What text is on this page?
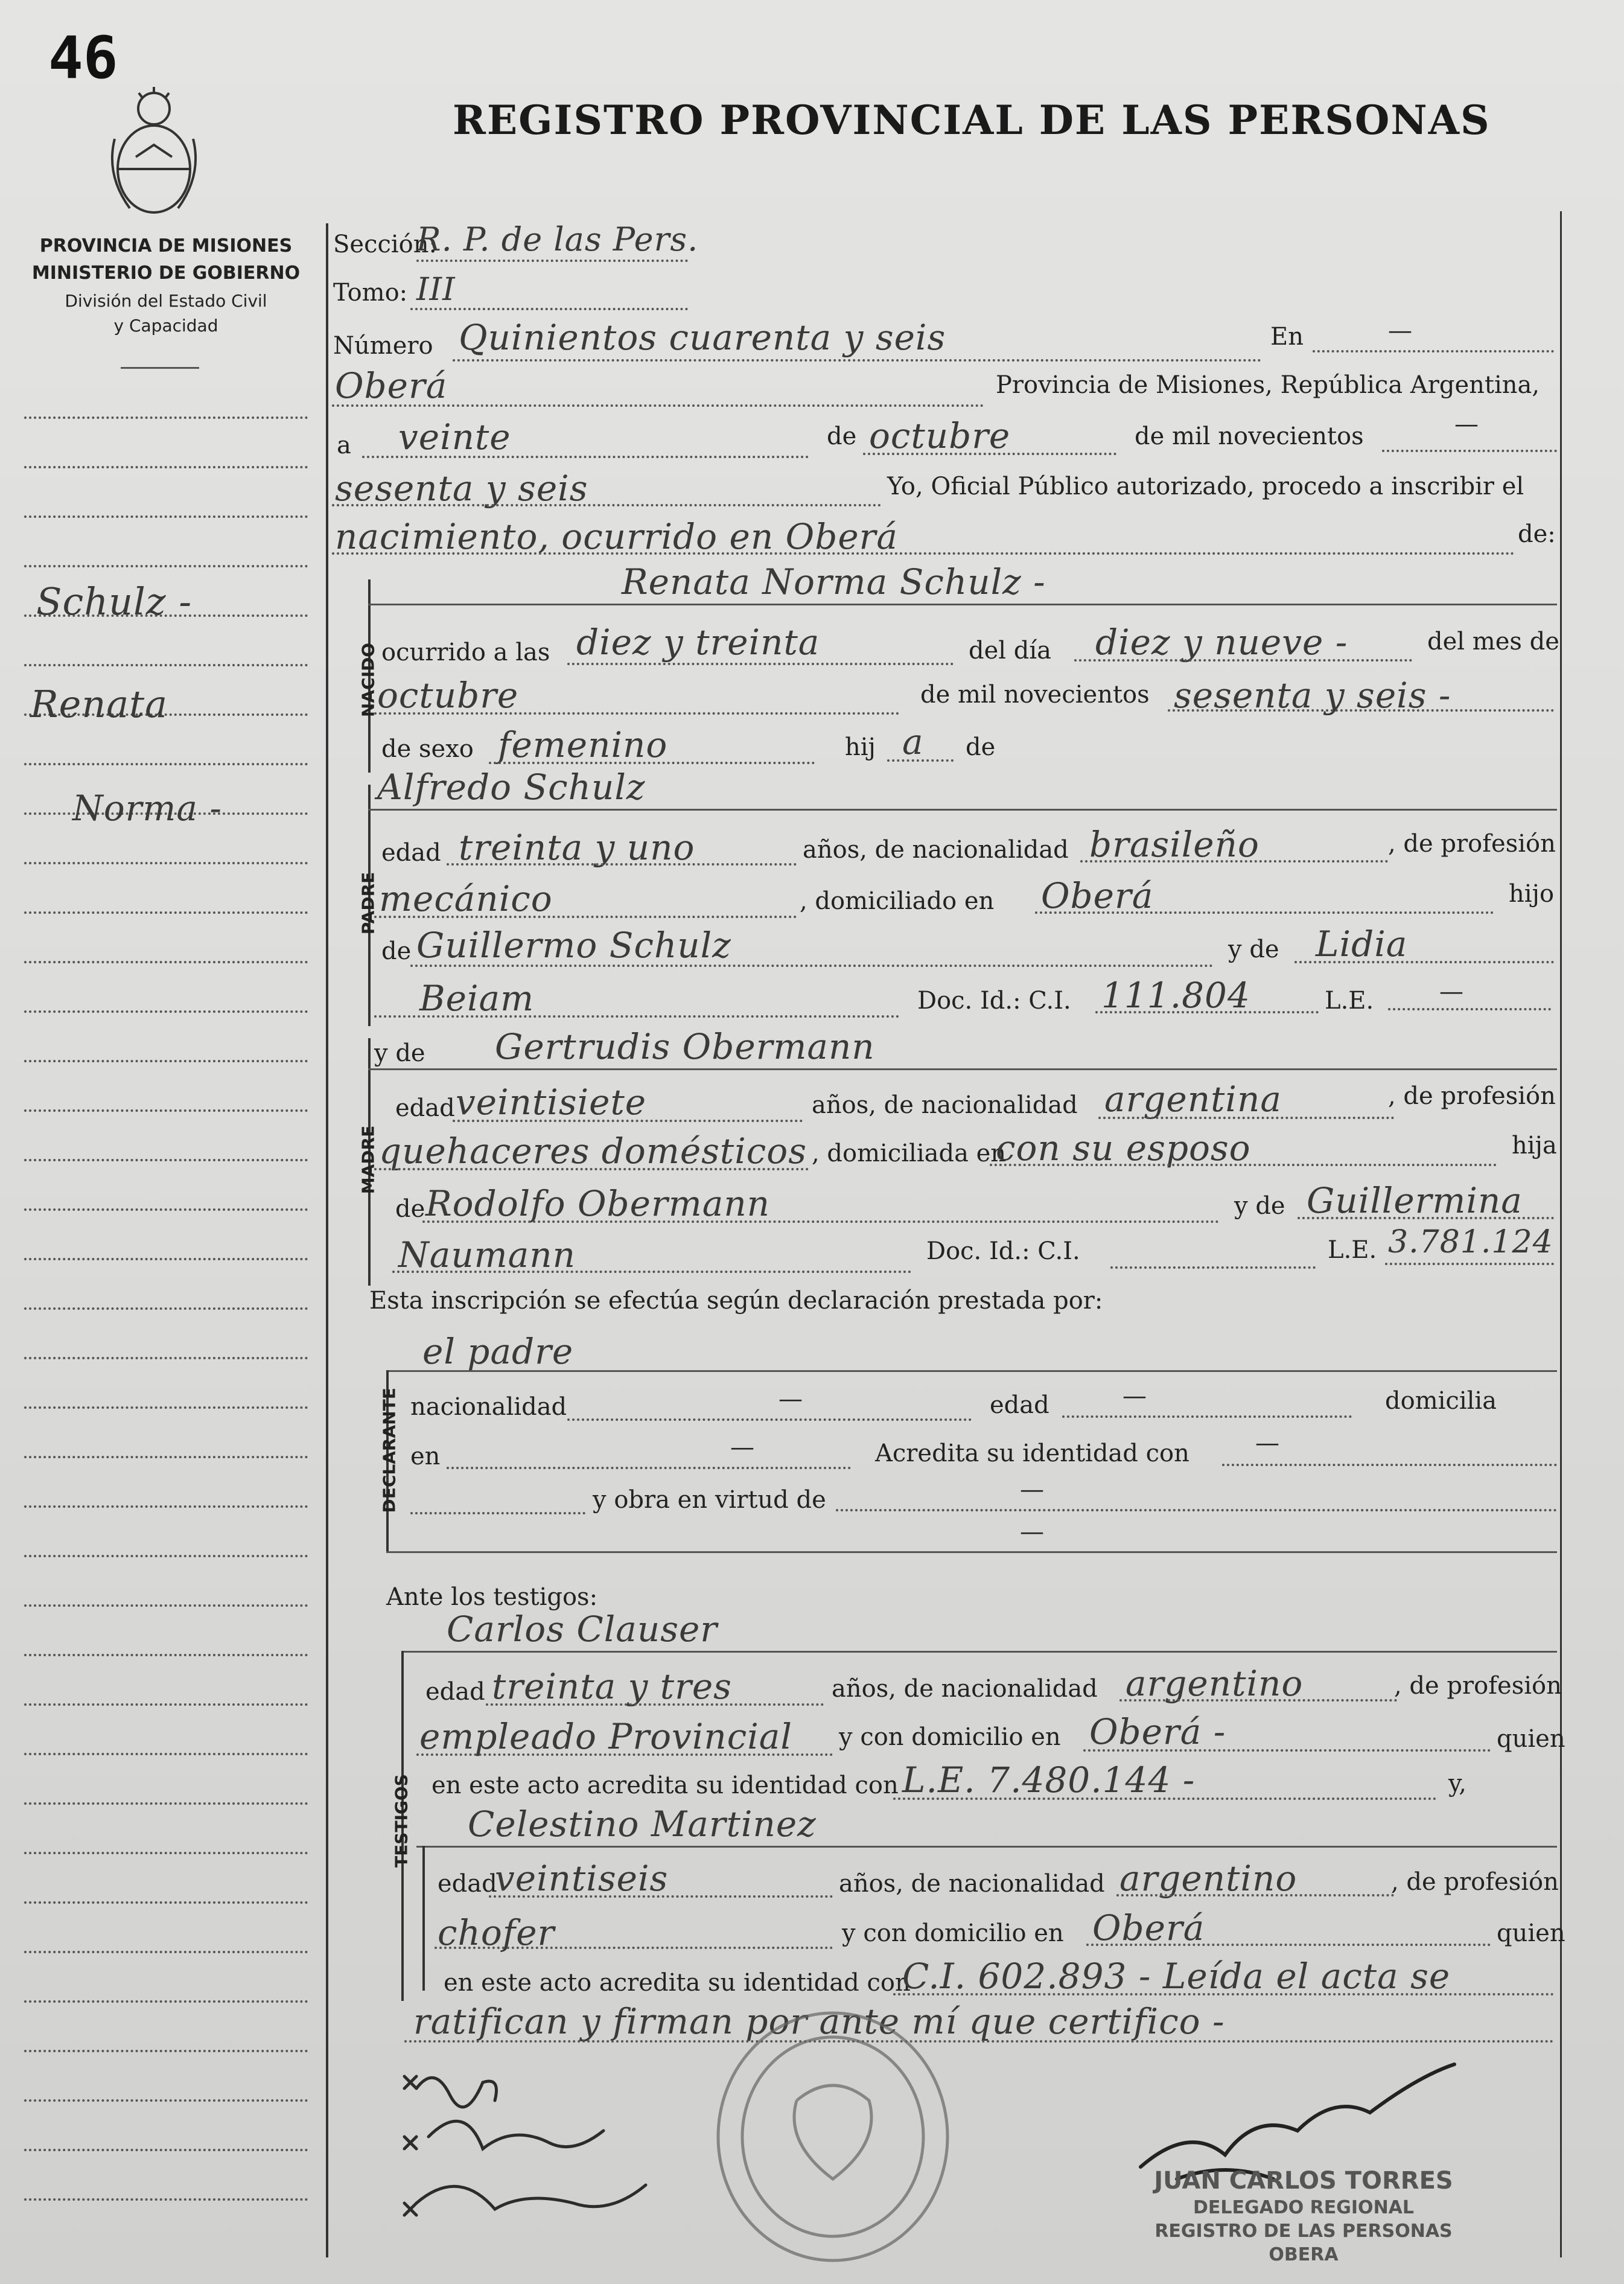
46
REGISTRO PROVINCIAL DE LAS PERSONAS
PROVINCIA DE MISIONES
MINISTERIO DE GOBIERNO
División del Estado Civil
y Capacidad
Schulz -
Renata
Norma -
Sección:
R. P. de las Pers.
Tomo: III
Número Quinientos cuarenta y seis	En	—
Oberá	Provincia de Misiones, República Argentina,
a veinte	de octubre	de mil novecientos	—
sesenta y seis	Yo, Oficial Público autorizado, procedo a inscribir el
nacimiento, ocurrido en Oberá	de:
NACIDO
Renata Norma Schulz -
ocurrido a las diez y treinta	del día diez y nueve -	del mes de
octubre	de mil novecientos sesenta y seis -
de sexo femenino	hij a de
PADRE
Alfredo Schulz
edad treinta y uno	años, de nacionalidad brasileño	, de profesión
mecánico	, domiciliado en Oberá	hijo
de Guillermo Schulz	y de Lidia
Beiam	Doc. Id.: C.I. 111.804	L.E.	—
MADRE
y de Gertrudis Obermann
edad veintisiete	años, de nacionalidad argentina	, de profesión
quehaceres domésticos , domiciliada en
con su esposo	hija
de Rodolfo Obermann	y de Guillermina
Naumann	Doc. Id.: C.I.	L.E. 3.781.124
Esta inscripción se efectúa según declaración prestada por:
el padre
DECLARANTE nacionalidad	—	edad	—	domicilia
en	—	Acredita su identidad con	—
y obra en virtud de	—
—
Ante los testigos:
Carlos Clauser
TESTIGOS
edad treinta y tres	años, de nacionalidad argentino	, de profesión
empleado Provincial y con domicilio en Oberá -	quien
en este acto acredita su identidad con L.E. 7.480.144 -	y,
Celestino Martinez
edad
veintiseis	años, de nacionalidad argentino	, de profesión
chofer	y con domicilio en Oberá	quien
en este acto acredita su identidad con
C.I. 602.893 - Leída el acta se
ratifican y firman por ante mí que certifico -
JUAN CARLOS TORRES
DELEGADO REGIONAL
REGISTRO DE LAS PERSONAS
OBERA
